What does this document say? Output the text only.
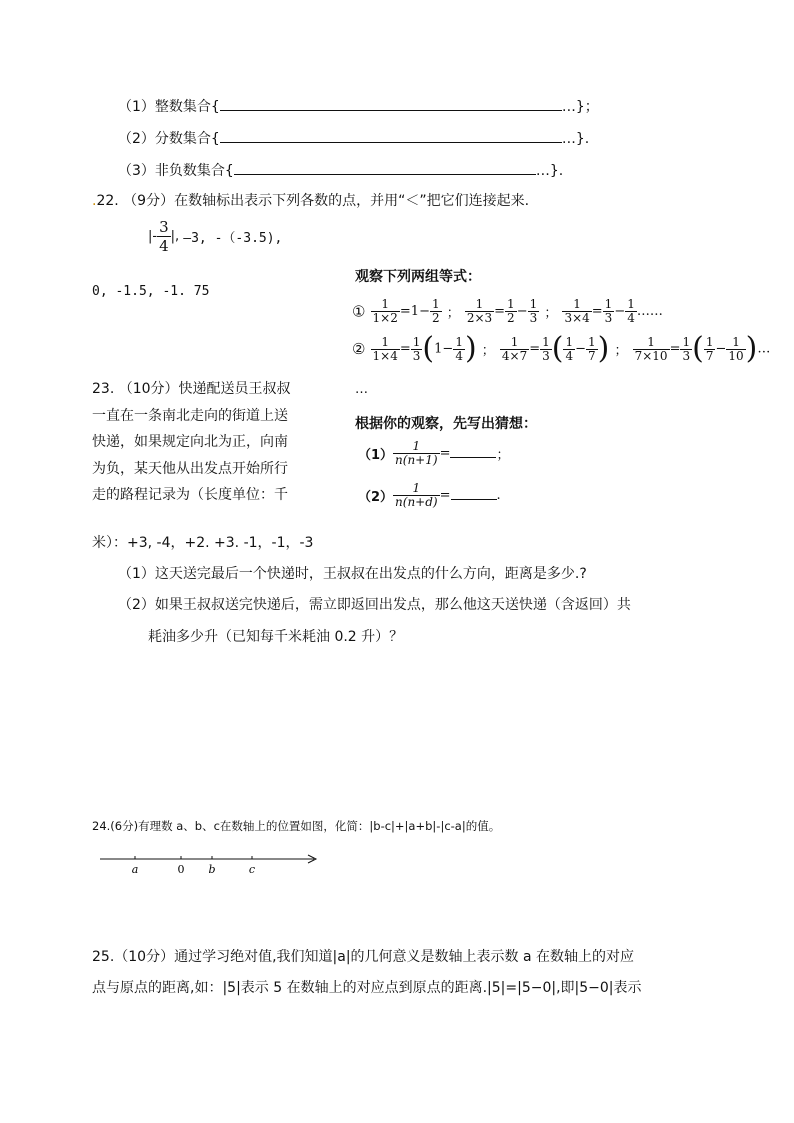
（1）整数集合{	…}；
（2）分数集合{	…}.
（3）非负数集合{	…}.
.22. （9分）在数轴标出表示下列各数的点，并用“＜”把它们连接起来.
|- $\frac{3}{4}$ |, —3, -（-3.5),
0, -1.5, -1. 75
观察下列两组等式：
① $\frac{1}{1\times 2} =1- \frac{1}{2}$ ； $\frac{1}{2\times 3} = \frac{1}{2} - \frac{1}{3}$ ； $\frac{1}{3\times 4} = \frac{1}{3} - \frac{1}{4}$ ……
② $\frac{1}{1\times 4} = \frac{1}{3} (1- \frac{1}{4}$ ) ； $\frac{1}{4\times 7} = \frac{1}{3}$ ( $\frac{1}{4} - \frac{1}{7}$ ) ； $\frac{1}{7\times 10} = \frac{1}{3}$ ( $\frac{1}{7} - \frac{1}{10}$ )…
…
根据你的观察，先写出猜想：
$(1) \frac{1}{n(n+1)}$ =	；
$(2) \frac{1}{n(n+d)}$ =	.
23. （10分）快递配送员王叔叔
一直在一条南北走向的街道上送
快递，如果规定向北为正，向南
为负，某天他从出发点开始所行
走的路程记录为（长度单位：千
米）：+3, -4，+2. +3. -1，-1，-3
（1）这天送完最后一个快递时，王叔叔在出发点的什么方向，距离是多少.?
（2）如果王叔叔送完快递后，需立即返回出发点，那么他这天送快递（含返回）共
耗油多少升（已知每千米耗油 0.2 升）？
24.(6分)有理数 a、b、c在数轴上的位置如图，化简：|b-c|+|a+b|-|c-a|的值。
a	0 b	c
25.（10分）通过学习绝对值,我们知道|a|的几何意义是数轴上表示数 a 在数轴上的对应
点与原点的距离,如：|5|表示 5 在数轴上的对应点到原点的距离.|5|=|5−0|,即|5−0|表示
